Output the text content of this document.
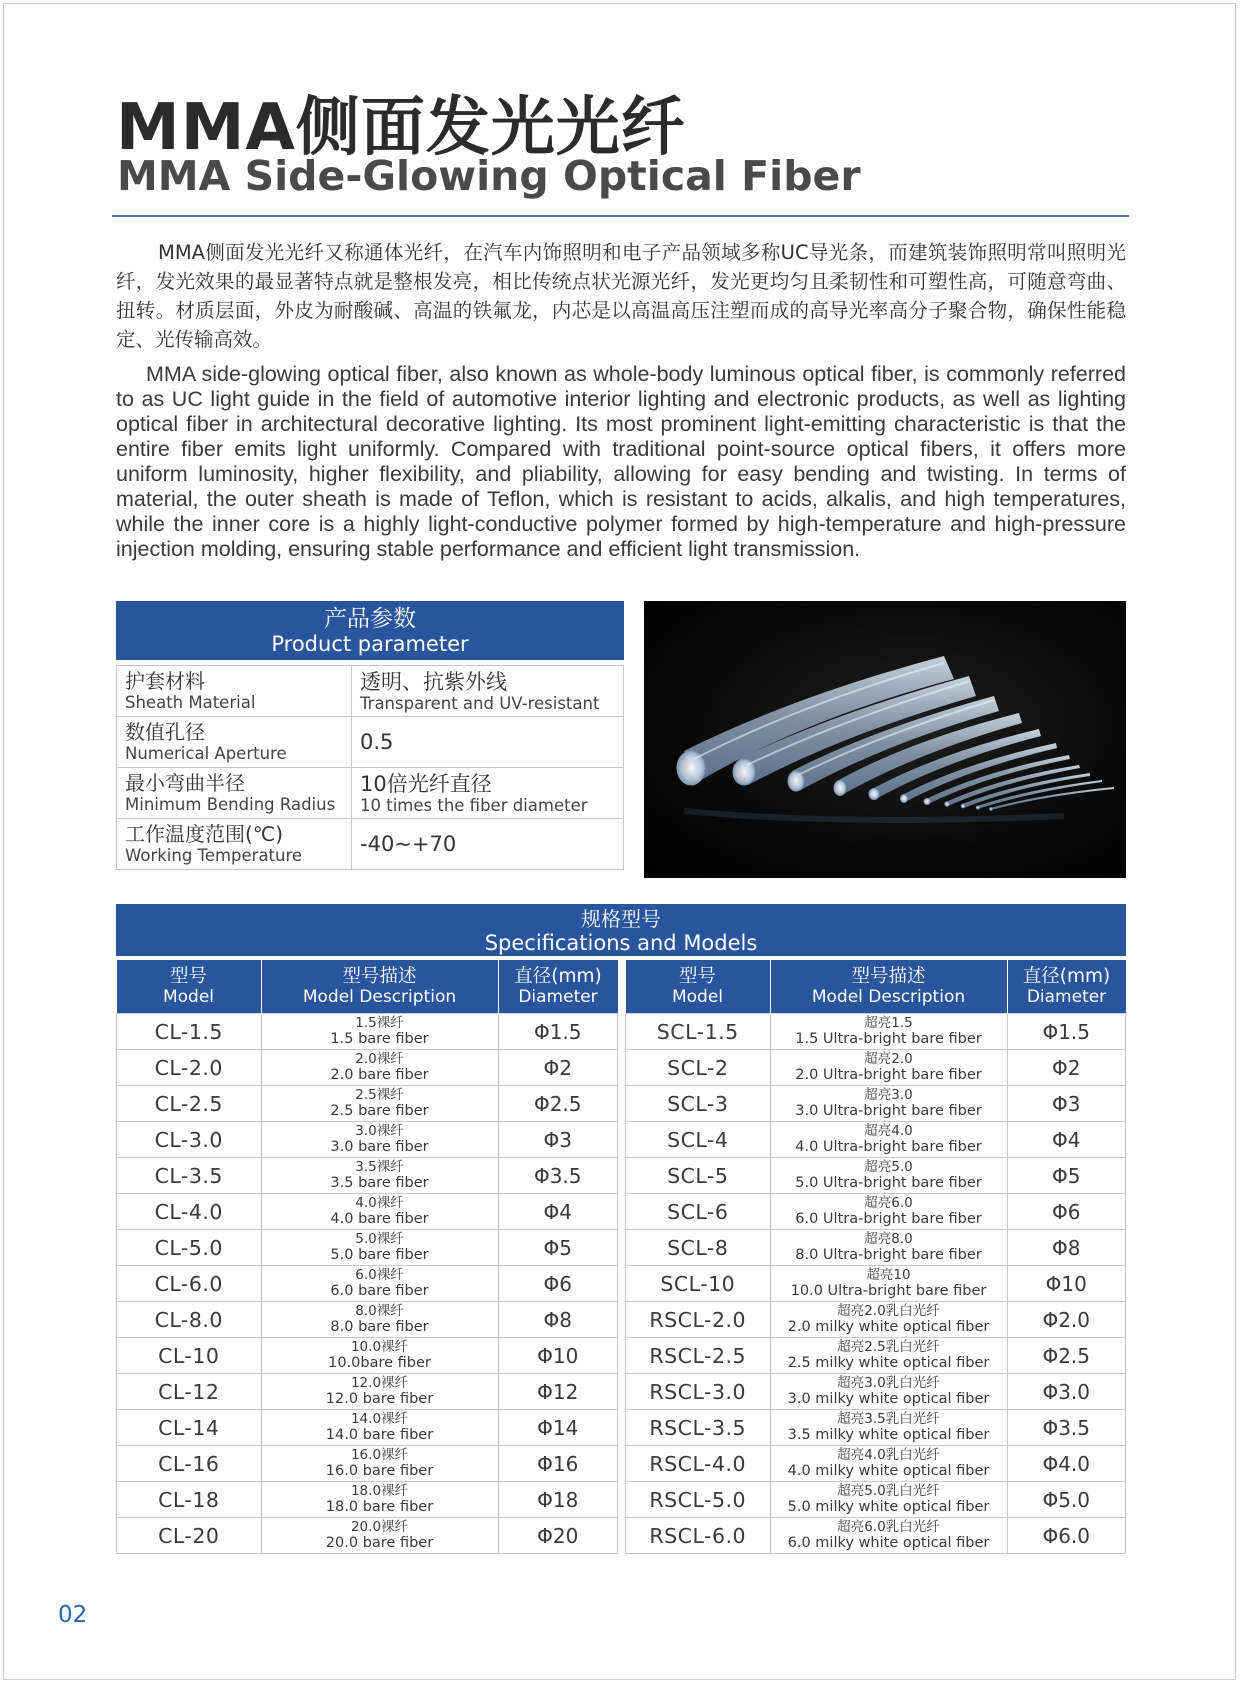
MMA侧面发光光纤
MMA Side-Glowing Optical Fiber

MMA侧面发光光纤又称通体光纤，在汽车内饰照明和电子产品领域多称UC导光条，而建筑装饰照明常叫照明光纤，发光效果的最显著特点就是整根发亮，相比传统点状光源光纤，发光更均匀且柔韧性和可塑性高，可随意弯曲、扭转。材质层面，外皮为耐酸碱、高温的铁氟龙，内芯是以高温高压注塑而成的高导光率高分子聚合物，确保性能稳定、光传输高效。

MMA side-glowing optical fiber, also known as whole-body luminous optical fiber, is commonly referred to as UC light guide in the field of automotive interior lighting and electronic products, as well as lighting optical fiber in architectural decorative lighting. Its most prominent light-emitting characteristic is that the entire fiber emits light uniformly. Compared with traditional point-source optical fibers, it offers more uniform luminosity, higher flexibility, and pliability, allowing for easy bending and twisting. In terms of material, the outer sheath is made of Teflon, which is resistant to acids, alkalis, and high temperatures, while the inner core is a highly light-conductive polymer formed by high-temperature and high-pressure injection molding, ensuring stable performance and efficient light transmission.

产品参数
Product parameter
护套材料
Sheath Material	透明、抗紫外线
Transparent and UV-resistant

数值孔径
Numerical Aperture	0.5

最小弯曲半径
Minimum Bending Radius	10倍光纤直径
10 times the fiber diameter

工作温度范围(℃)
Working Temperature	-40~+70
规格型号
Specifications and Models
型号
Model	型号描述
Model Description	直径(mm)
Diameter

CL-1.5	1.5裸纤
1.5 bare fiber	Φ1.5
CL-2.0	2.0裸纤
2.0 bare fiber	Φ2
CL-2.5	2.5裸纤
2.5 bare fiber	Φ2.5
CL-3.0	3.0裸纤
3.0 bare fiber	Φ3
CL-3.5	3.5裸纤
3.5 bare fiber	Φ3.5
CL-4.0	4.0裸纤
4.0 bare fiber	Φ4
CL-5.0	5.0裸纤
5.0 bare fiber	Φ5
CL-6.0	6.0裸纤
6.0 bare fiber	Φ6
CL-8.0	8.0裸纤
8.0 bare fiber	Φ8
CL-10	10.0裸纤
10.0bare fiber	Φ10
CL-12	12.0裸纤
12.0 bare fiber	Φ12
CL-14	14.0裸纤
14.0 bare fiber	Φ14
CL-16	16.0裸纤
16.0 bare fiber	Φ16
CL-18	18.0裸纤
18.0 bare fiber	Φ18
CL-20	20.0裸纤
20.0 bare fiber	Φ20
型号
Model	型号描述
Model Description	直径(mm)
Diameter

SCL-1.5	超亮1.5
1.5 Ultra-bright bare fiber	Φ1.5
SCL-2	超亮2.0
2.0 Ultra-bright bare fiber	Φ2
SCL-3	超亮3.0
3.0 Ultra-bright bare fiber	Φ3
SCL-4	超亮4.0
4.0 Ultra-bright bare fiber	Φ4
SCL-5	超亮5.0
5.0 Ultra-bright bare fiber	Φ5
SCL-6	超亮6.0
6.0 Ultra-bright bare fiber	Φ6
SCL-8	超亮8.0
8.0 Ultra-bright bare fiber	Φ8
SCL-10	超亮10
10.0 Ultra-bright bare fiber	Φ10
RSCL-2.0	超亮2.0乳白光纤
2.0 milky white optical fiber	Φ2.0
RSCL-2.5	超亮2.5乳白光纤
2.5 milky white optical fiber	Φ2.5
RSCL-3.0	超亮3.0乳白光纤
3.0 milky white optical fiber	Φ3.0
RSCL-3.5	超亮3.5乳白光纤
3.5 milky white optical fiber	Φ3.5
RSCL-4.0	超亮4.0乳白光纤
4.0 milky white optical fiber	Φ4.0
RSCL-5.0	超亮5.0乳白光纤
5.0 milky white optical fiber	Φ5.0
RSCL-6.0	超亮6.0乳白光纤
6.0 milky white optical fiber	Φ6.0
02
